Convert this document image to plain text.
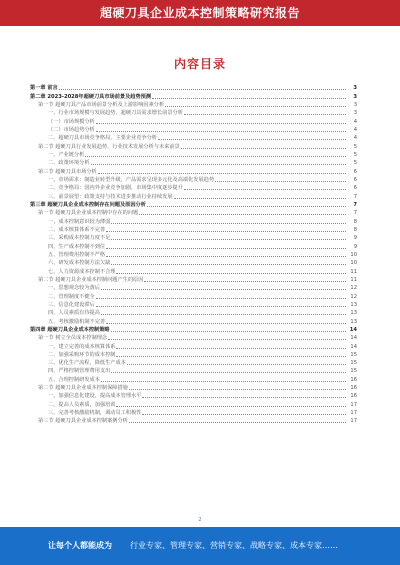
超硬刀具企业成本控制策略研究报告
内容目录
第一章 前言	3
第二章 2023-2028年超硬刀具市场前景及趋势预测	3
第一节 超硬刀具产品市场前景分析及上游影响因素分析	3
一、行业市场规模与发展趋势，超硬刀具需求增长前景分析	3
（一）市场规模分析	4
（二）市场趋势分析	4
二、超硬刀具市场竞争格局，主要企业竞争分析	4
第二节 超硬刀具行业发展趋势，行业技术发展分析与未来前景	5
一、产业链分析	5
二、政策环境分析	5
第三节 超硬刀具市场分析	6
一、市场需求：制造业转型升级，产品需求呈现多元化及高端化发展趋势	6
二、竞争格局：国内外企业竞争加剧，市场集中度逐步提升	6
三、前景展望：政策支持与技术进步推动行业持续发展	7
第三章 超硬刀具企业成本控制存在问题及原因分析	7
第一节 超硬刀具企业成本控制中存在的问题	7
一、成本控制意识较为薄弱	8
二、成本核算体系不完善	8
三、采购成本控制力度不足	9
四、生产成本控制不到位	9
五、管理费用控制不严格	10
六、研发成本控制方法欠缺	10
七、人力资源成本控制不合理	11
第二节 超硬刀具企业成本控制问题产生的原因	11
一、思想观念较为落后	12
二、管理制度不健全	12
三、信息化建设滞后	13
四、人员素质有待提高	13
五、考核激励机制不完善	13
第四章 超硬刀具企业成本控制策略	14
第一节 树立全员成本控制理念	14
一、建立完善的成本核算体系	14
二、加强采购环节的成本控制	15
三、优化生产流程，降低生产成本	15
四、严格控制管理费用支出	15
五、合理控制研发成本	16
第二节 超硬刀具企业成本控制保障措施	16
一、加强信息化建设，提高成本管理水平	16
二、提高人员素质，加强培训	17
三、完善考核激励机制，调动员工积极性	17
第三节 超硬刀具企业成本控制案例分析	17
2
让每个人都能成为 行业专家、管理专家、营销专家、战略专家、成本专家……
